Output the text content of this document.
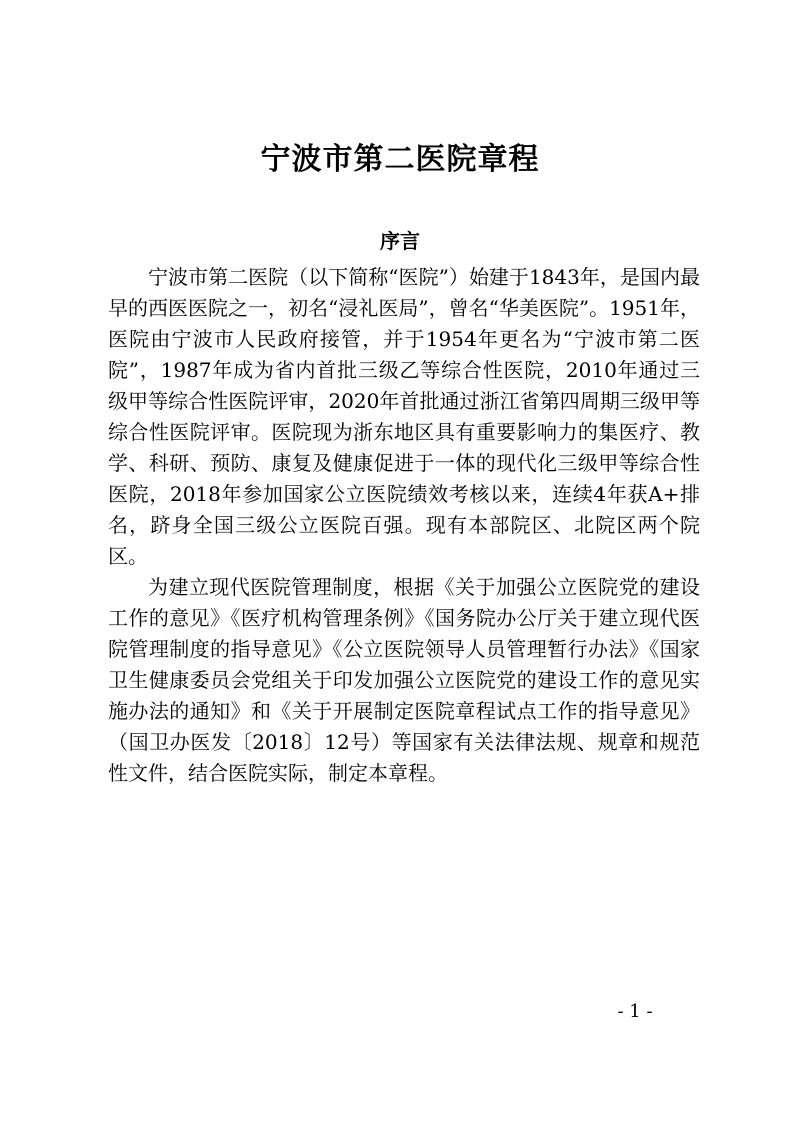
宁波市第二医院章程
序言

宁波市第二医院（以下简称“医院”）始建于1843年，是国内最早的西医医院之一，初名“浸礼医局”，曾名“华美医院”。1951年，医院由宁波市人民政府接管，并于1954年更名为“宁波市第二医院”，1987年成为省内首批三级乙等综合性医院，2010年通过三级甲等综合性医院评审，2020年首批通过浙江省第四周期三级甲等综合性医院评审。医院现为浙东地区具有重要影响力的集医疗、教学、科研、预防、康复及健康促进于一体的现代化三级甲等综合性医院，2018年参加国家公立医院绩效考核以来，连续4年获A+排名，跻身全国三级公立医院百强。现有本部院区、北院区两个院区。

为建立现代医院管理制度，根据《关于加强公立医院党的建设工作的意见》《医疗机构管理条例》《国务院办公厅关于建立现代医院管理制度的指导意见》《公立医院领导人员管理暂行办法》《国家卫生健康委员会党组关于印发加强公立医院党的建设工作的意见实施办法的通知》和《关于开展制定医院章程试点工作的指导意见》（国卫办医发〔2018〕12号）等国家有关法律法规、规章和规范性文件，结合医院实际，制定本章程。

- 1 -
